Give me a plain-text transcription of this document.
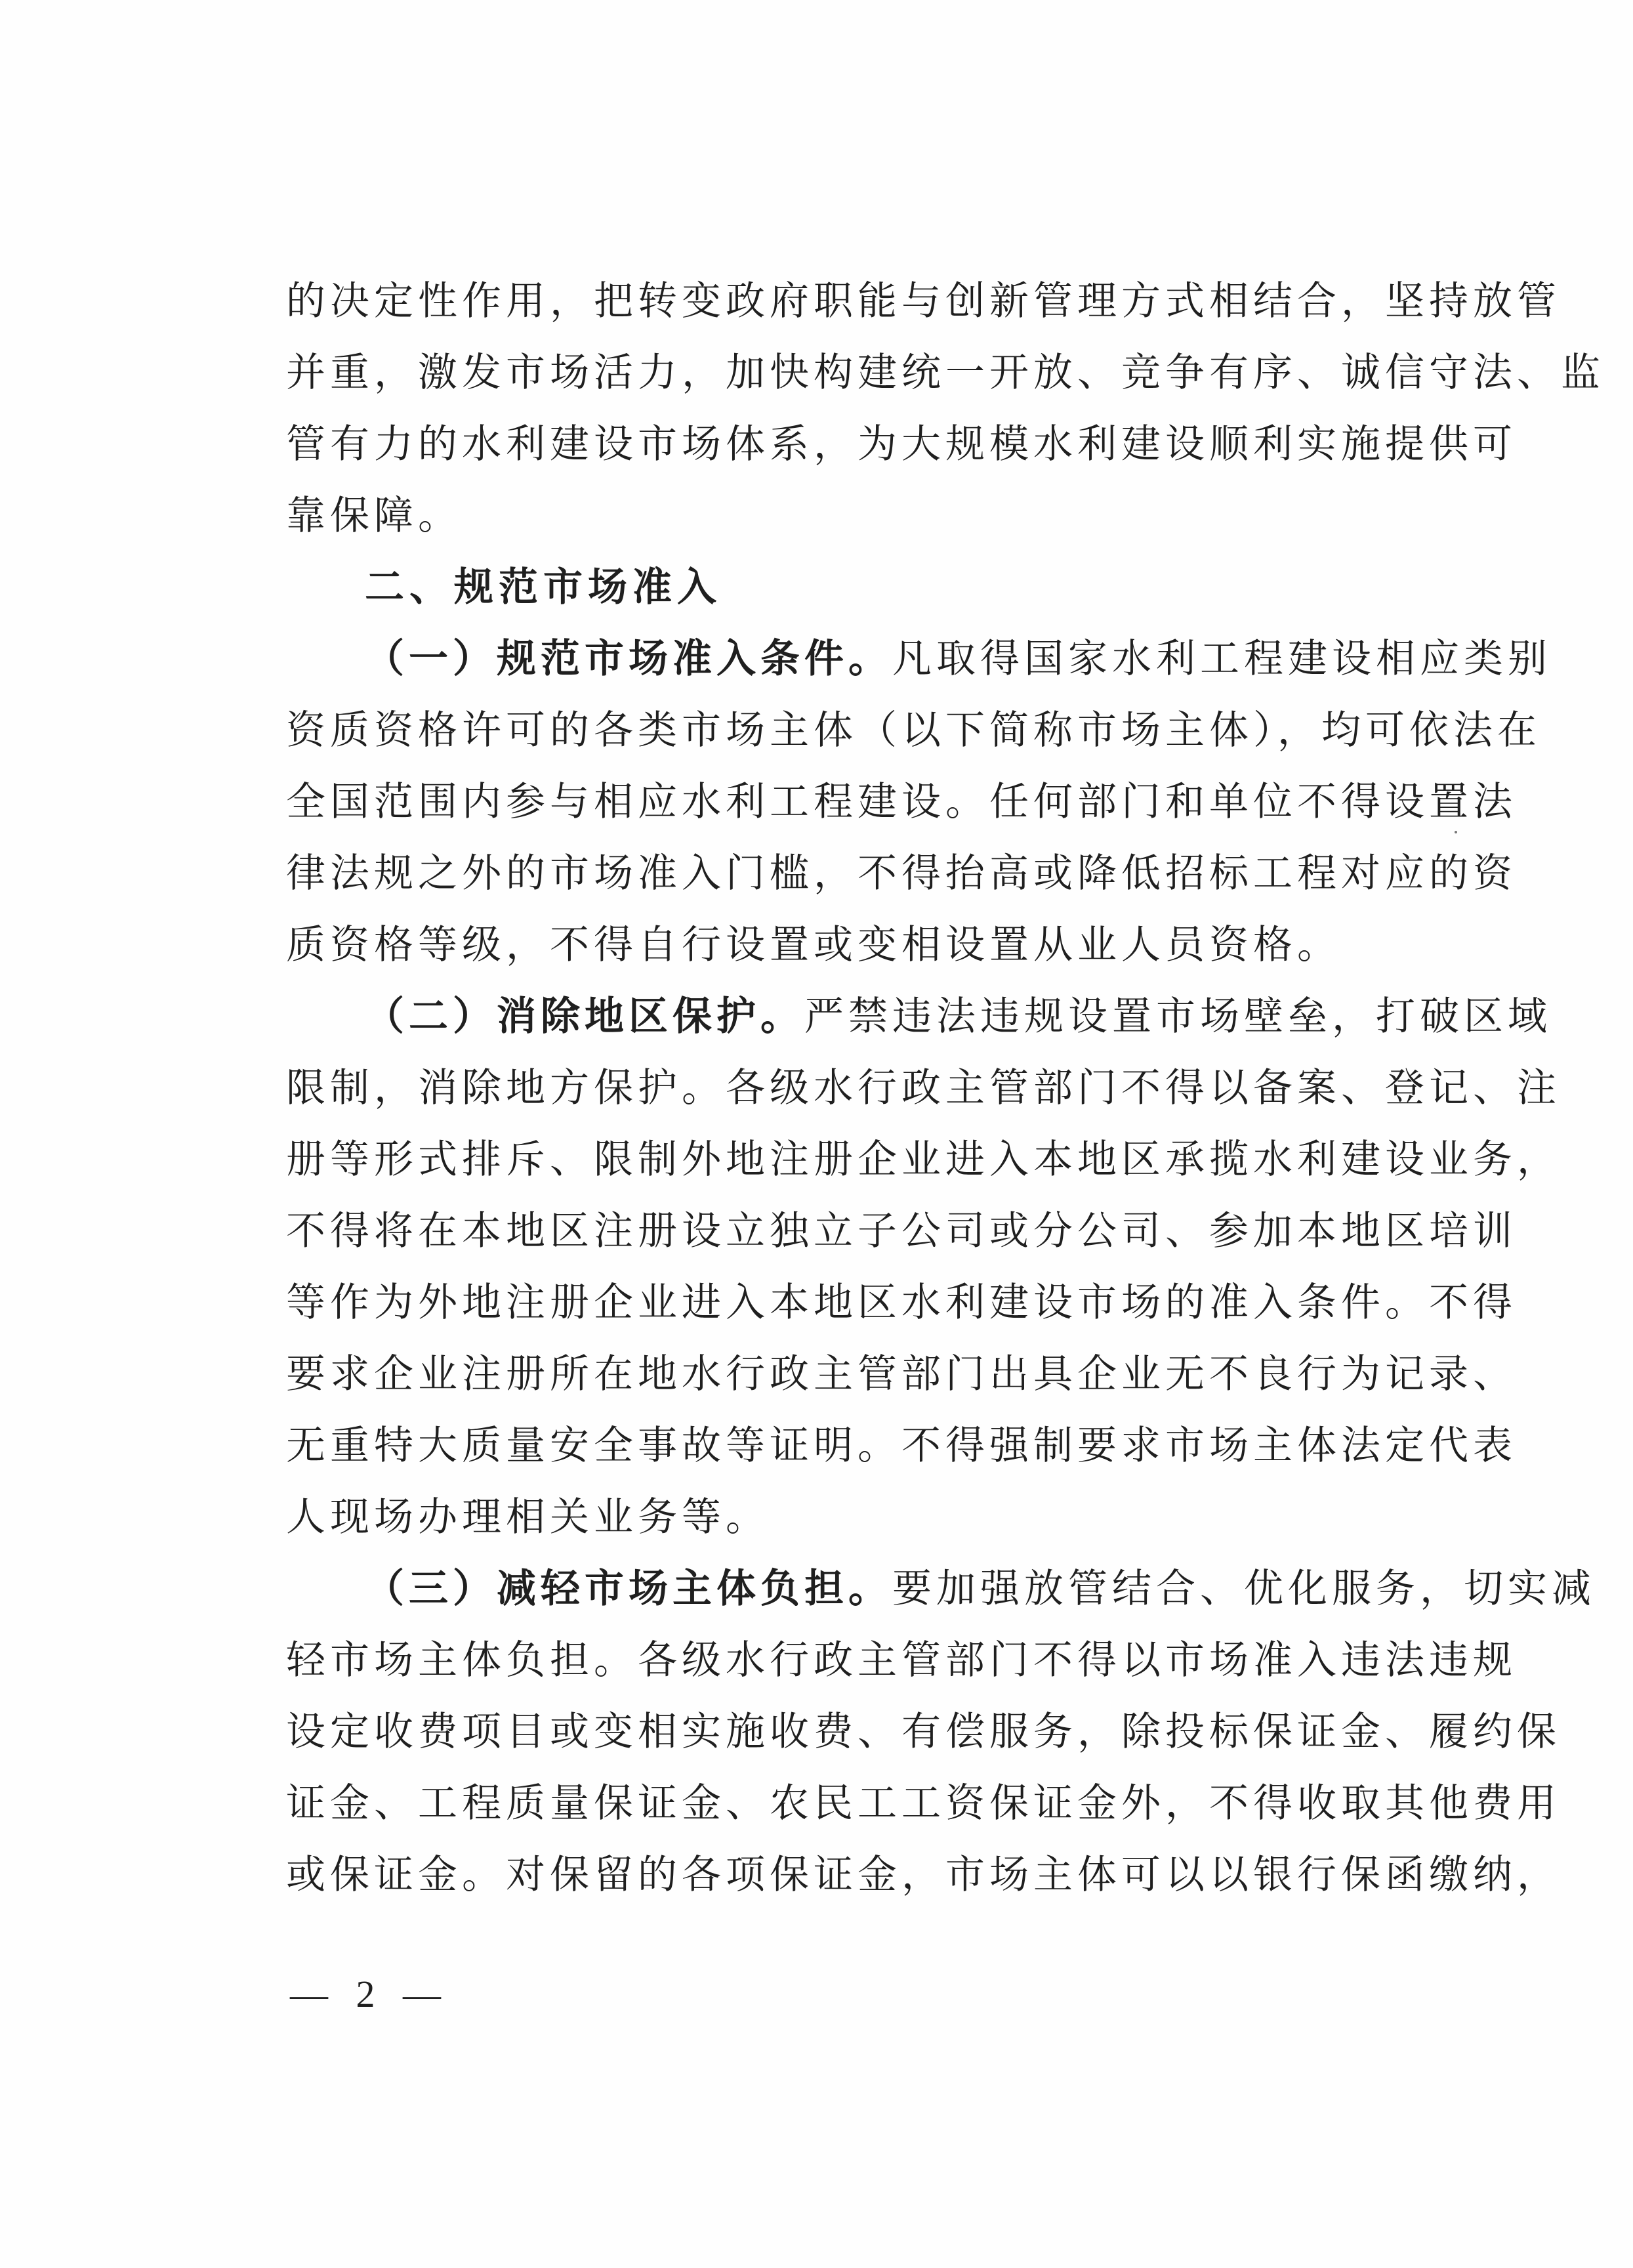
的决定性作用，把转变政府职能与创新管理方式相结合，坚持放管
并重，激发市场活力，加快构建统一开放、竞争有序、诚信守法、监
管有力的水利建设市场体系，为大规模水利建设顺利实施提供可
靠保障。
二、规范市场准入
（一）规范市场准入条件。凡取得国家水利工程建设相应类别
资质资格许可的各类市场主体（以下简称市场主体），均可依法在
全国范围内参与相应水利工程建设。任何部门和单位不得设置法
律法规之外的市场准入门槛，不得抬高或降低招标工程对应的资
质资格等级，不得自行设置或变相设置从业人员资格。
（二）消除地区保护。严禁违法违规设置市场壁垒，打破区域
限制，消除地方保护。各级水行政主管部门不得以备案、登记、注
册等形式排斥、限制外地注册企业进入本地区承揽水利建设业务，
不得将在本地区注册设立独立子公司或分公司、参加本地区培训
等作为外地注册企业进入本地区水利建设市场的准入条件。不得
要求企业注册所在地水行政主管部门出具企业无不良行为记录、
无重特大质量安全事故等证明。不得强制要求市场主体法定代表
人现场办理相关业务等。
（三）减轻市场主体负担。要加强放管结合、优化服务，切实减
轻市场主体负担。各级水行政主管部门不得以市场准入违法违规
设定收费项目或变相实施收费、有偿服务，除投标保证金、履约保
证金、工程质量保证金、农民工工资保证金外，不得收取其他费用
或保证金。对保留的各项保证金，市场主体可以以银行保函缴纳，
— 2 —
